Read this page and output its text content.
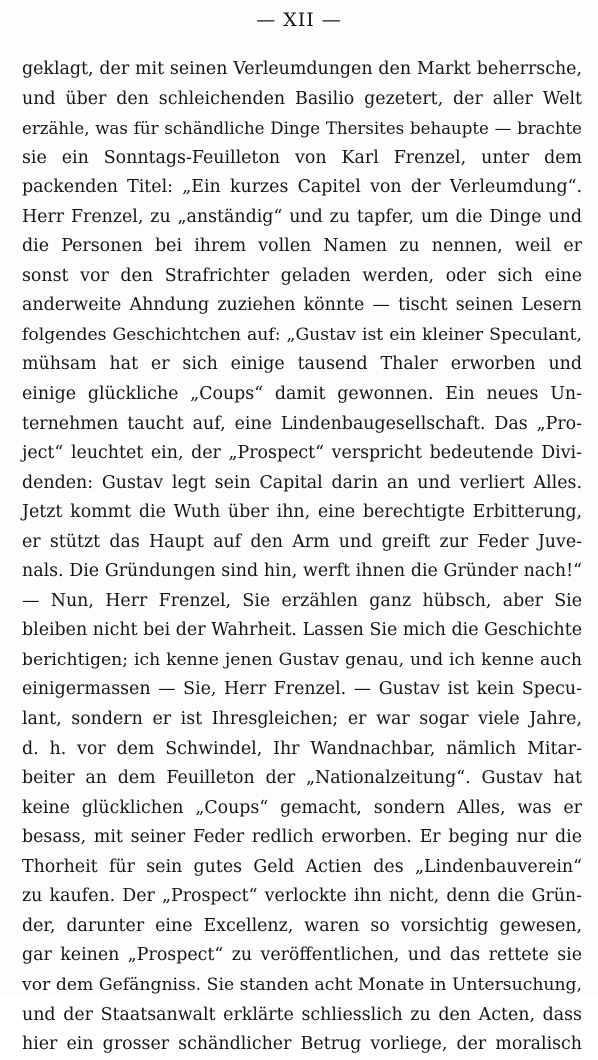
— XII —
geklagt, der mit seinen Verleumdungen den Markt beherrsche,
und über den schleichenden Basilio gezetert, der aller Welt
erzähle, was für schändliche Dinge Thersites behaupte — brachte
sie ein Sonntags-Feuilleton von Karl Frenzel, unter dem
packenden Titel: „Ein kurzes Capitel von der Verleumdung“.
Herr Frenzel, zu „anständig“ und zu tapfer, um die Dinge und
die Personen bei ihrem vollen Namen zu nennen, weil er
sonst vor den Strafrichter geladen werden, oder sich eine
anderweite Ahndung zuziehen könnte — tischt seinen Lesern
folgendes Geschichtchen auf: „Gustav ist ein kleiner Speculant,
mühsam hat er sich einige tausend Thaler erworben und
einige glückliche „Coups“ damit gewonnen. Ein neues Un-
ternehmen taucht auf, eine Lindenbaugesellschaft. Das „Pro-
ject“ leuchtet ein, der „Prospect“ verspricht bedeutende Divi-
denden: Gustav legt sein Capital darin an und verliert Alles.
Jetzt kommt die Wuth über ihn, eine berechtigte Erbitterung,
er stützt das Haupt auf den Arm und greift zur Feder Juve-
nals. Die Gründungen sind hin, werft ihnen die Gründer nach!“
— Nun, Herr Frenzel, Sie erzählen ganz hübsch, aber Sie
bleiben nicht bei der Wahrheit. Lassen Sie mich die Geschichte
berichtigen; ich kenne jenen Gustav genau, und ich kenne auch
einigermassen — Sie, Herr Frenzel. — Gustav ist kein Specu-
lant, sondern er ist Ihresgleichen; er war sogar viele Jahre,
d. h. vor dem Schwindel, Ihr Wandnachbar, nämlich Mitar-
beiter an dem Feuilleton der „Nationalzeitung“. Gustav hat
keine glücklichen „Coups“ gemacht, sondern Alles, was er
besass, mit seiner Feder redlich erworben. Er beging nur die
Thorheit für sein gutes Geld Actien des „Lindenbauverein“
zu kaufen. Der „Prospect“ verlockte ihn nicht, denn die Grün-
der, darunter eine Excellenz, waren so vorsichtig gewesen,
gar keinen „Prospect“ zu veröffentlichen, und das rettete sie
vor dem Gefängniss. Sie standen acht Monate in Untersuchung,
und der Staatsanwalt erklärte schliesslich zu den Acten, dass
hier ein grosser schändlicher Betrug vorliege, der moralisch
